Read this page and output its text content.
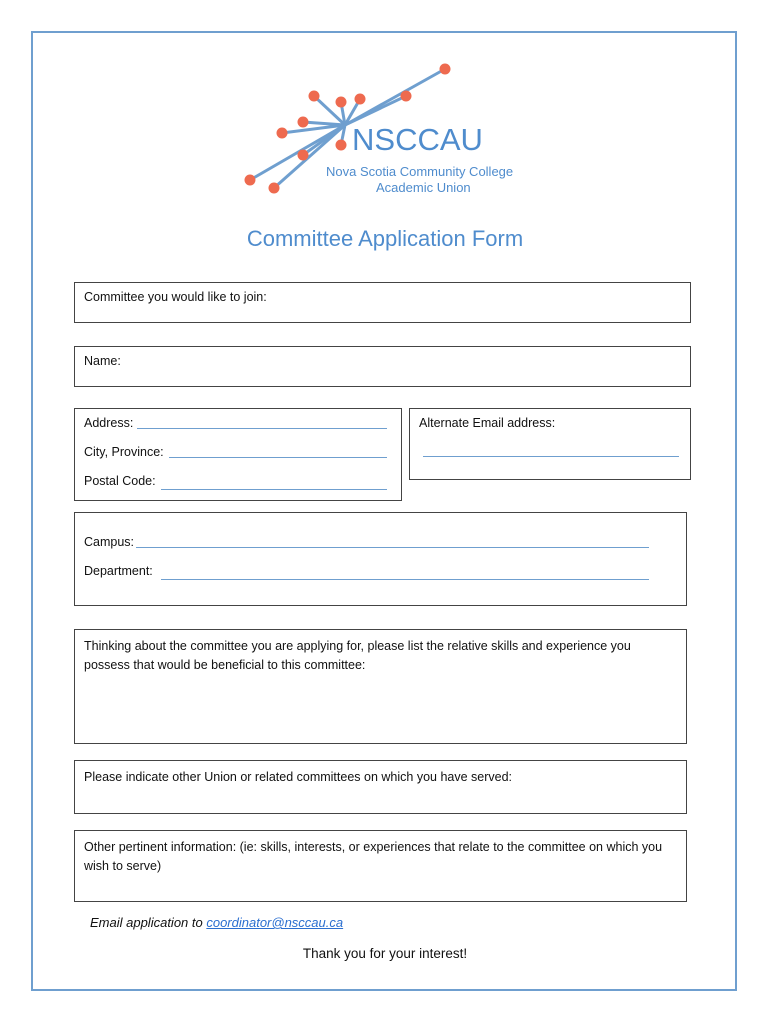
NSCCAU
Nova Scotia Community College
Academic Union
Committee Application Form
Committee you would like to join:
Name:
Address:
City, Province:
Postal Code:
Alternate Email address:
Campus:
Department:
Thinking about the committee you are applying for, please list the relative skills and experience you possess that would be beneficial to this committee:
Please indicate other Union or related committees on which you have served:
Other pertinent information: (ie: skills, interests, or experiences that relate to the committee on which you wish to serve)
Email application to coordinator@nsccau.ca
Thank you for your interest!
